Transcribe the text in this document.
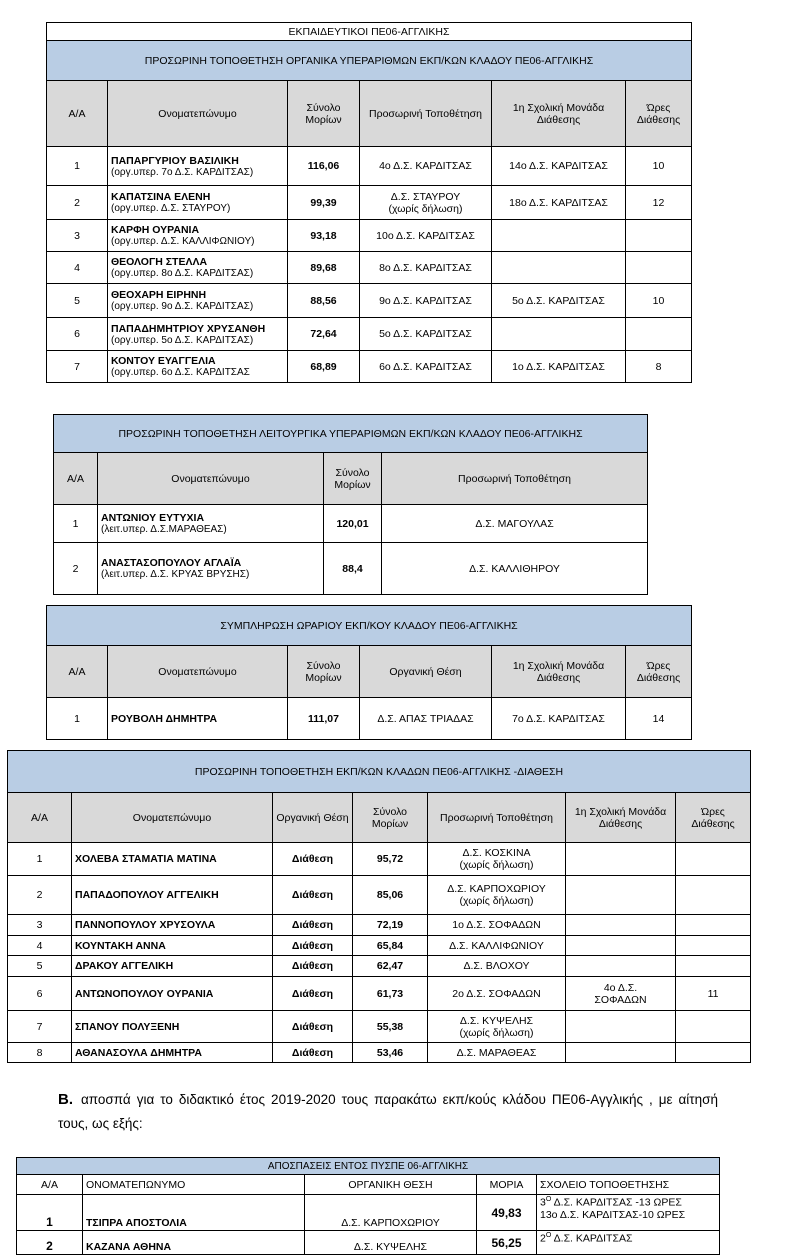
ΕΚΠΑΙΔΕΥΤΙΚΟΙ ΠΕ06-ΑΓΓΛΙΚΗΣ					
ΠΡΟΣΩΡΙΝΗ ΤΟΠΟΘΕΤΗΣΗ ΟΡΓΑΝΙΚΑ ΥΠΕΡΑΡΙΘΜΩΝ ΕΚΠ/ΚΩΝ ΚΛΑΔΟΥ ΠΕ06-ΑΓΓΛΙΚΗΣ					
Α/Α	Ονοματεπώνυμο	Σύνολο Μορίων	Προσωρινή Τοποθέτηση	1η Σχολική Μονάδα Διάθεσης	Ώρες Διάθεσης
1	ΠΑΠΑΡΓΥΡΙΟΥ ΒΑΣΙΛΙΚΗ
(οργ.υπερ. 7ο Δ.Σ. ΚΑΡΔΙΤΣΑΣ)	116,06	4ο Δ.Σ. ΚΑΡΔΙΤΣΑΣ	14ο Δ.Σ. ΚΑΡΔΙΤΣΑΣ	10
2	ΚΑΠΑΤΣΙΝΑ ΕΛΕΝΗ
(οργ.υπερ. Δ.Σ. ΣΤΑΥΡΟΥ)	99,39	Δ.Σ. ΣΤΑΥΡΟΥ
(χωρίς δήλωση)	18ο Δ.Σ. ΚΑΡΔΙΤΣΑΣ	12
3	ΚΑΡΦΗ ΟΥΡΑΝΙΑ
(οργ.υπερ. Δ.Σ. ΚΑΛΛΙΦΩΝΙΟΥ)	93,18	10ο Δ.Σ. ΚΑΡΔΙΤΣΑΣ		

4	ΘΕΟΛΟΓΗ ΣΤΕΛΛΑ
(οργ.υπερ. 8ο Δ.Σ. ΚΑΡΔΙΤΣΑΣ)	89,68	8ο Δ.Σ. ΚΑΡΔΙΤΣΑΣ		

5	ΘΕΟΧΑΡΗ ΕΙΡΗΝΗ
(οργ.υπερ. 9ο Δ.Σ. ΚΑΡΔΙΤΣΑΣ)	88,56	9ο Δ.Σ. ΚΑΡΔΙΤΣΑΣ	5ο Δ.Σ. ΚΑΡΔΙΤΣΑΣ	10
6	ΠΑΠΑΔΗΜΗΤΡΙΟΥ ΧΡΥΣΑΝΘΗ
(οργ.υπερ. 5ο Δ.Σ. ΚΑΡΔΙΤΣΑΣ)	72,64	5ο Δ.Σ. ΚΑΡΔΙΤΣΑΣ		

7	ΚΟΝΤΟΥ ΕΥΑΓΓΕΛΙΑ
(οργ.υπερ. 6ο Δ.Σ. ΚΑΡΔΙΤΣΑΣ	68,89	6ο Δ.Σ. ΚΑΡΔΙΤΣΑΣ	1ο Δ.Σ. ΚΑΡΔΙΤΣΑΣ	8
ΠΡΟΣΩΡΙΝΗ ΤΟΠΟΘΕΤΗΣΗ ΛΕΙΤΟΥΡΓΙΚΑ ΥΠΕΡΑΡΙΘΜΩΝ ΕΚΠ/ΚΩΝ ΚΛΑΔΟΥ ΠΕ06-ΑΓΓΛΙΚΗΣ			
Α/Α	Ονοματεπώνυμο	Σύνολο Μορίων	Προσωρινή Τοποθέτηση
1	ΑΝΤΩΝΙΟΥ ΕΥΤΥΧΙΑ
(λειτ.υπερ. Δ.Σ.ΜΑΡΑΘΕΑΣ)	120,01	Δ.Σ. ΜΑΓΟΥΛΑΣ
2	ΑΝΑΣΤΑΣΟΠΟΥΛΟΥ ΑΓΛΑΪΑ
(λειτ.υπερ. Δ.Σ. ΚΡΥΑΣ ΒΡΥΣΗΣ)	88,4	Δ.Σ. ΚΑΛΛΙΘΗΡΟΥ
ΣΥΜΠΛΗΡΩΣΗ ΩΡΑΡΙΟΥ ΕΚΠ/ΚΟΥ ΚΛΑΔΟΥ ΠΕ06-ΑΓΓΛΙΚΗΣ					
Α/Α	Ονοματεπώνυμο	Σύνολο Μορίων	Οργανική Θέση	1η Σχολική Μονάδα Διάθεσης	Ώρες Διάθεσης
1	ΡΟΥΒΟΛΗ ΔΗΜΗΤΡΑ	111,07	Δ.Σ. ΑΠΑΣ ΤΡΙΑΔΑΣ	7ο Δ.Σ. ΚΑΡΔΙΤΣΑΣ	14
ΠΡΟΣΩΡΙΝΗ ΤΟΠΟΘΕΤΗΣΗ ΕΚΠ/ΚΩΝ ΚΛΑΔΩΝ ΠΕ06-ΑΓΓΛΙΚΗΣ -ΔΙΑΘΕΣΗ						
Α/Α	Ονοματεπώνυμο	Οργανική Θέση	Σύνολο Μορίων	Προσωρινή Τοποθέτηση	1η Σχολική Μονάδα Διάθεσης	Ώρες Διάθεσης
1	ΧΟΛΕΒΑ ΣΤΑΜΑΤΙΑ ΜΑΤΙΝΑ	Διάθεση	95,72	Δ.Σ. ΚΟΣΚΙΝΑ
(χωρίς δήλωση)		

2	ΠΑΠΑΔΟΠΟΥΛΟΥ ΑΓΓΕΛΙΚΗ	Διάθεση	85,06	Δ.Σ. ΚΑΡΠΟΧΩΡΙΟΥ
(χωρίς δήλωση)		

3	ΠΑΝΝΟΠΟΥΛΟΥ ΧΡΥΣΟΥΛΑ	Διάθεση	72,19	1ο Δ.Σ. ΣΟΦΑΔΩΝ		

4	ΚΟΥΝΤΑΚΗ ΑΝΝΑ	Διάθεση	65,84	Δ.Σ. ΚΑΛΛΙΦΩΝΙΟΥ		

5	ΔΡΑΚΟΥ ΑΓΓΕΛΙΚΗ	Διάθεση	62,47	Δ.Σ. ΒΛΟΧΟΥ		

6	ΑΝΤΩΝΟΠΟΥΛΟΥ ΟΥΡΑΝΙΑ	Διάθεση	61,73	2ο Δ.Σ. ΣΟΦΑΔΩΝ	4ο Δ.Σ.
ΣΟΦΑΔΩΝ	11
7	ΣΠΑΝΟΥ ΠΟΛΥΞΕΝΗ	Διάθεση	55,38	Δ.Σ. ΚΥΨΕΛΗΣ
(χωρίς δήλωση)		

8	ΑΘΑΝΑΣΟΥΛΑ ΔΗΜΗΤΡΑ	Διάθεση	53,46	Δ.Σ. ΜΑΡΑΘΕΑΣ		

Β. αποσπά για το διδακτικό έτος 2019-2020 τους παρακάτω εκπ/κούς κλάδου ΠΕ06-Αγγλικής , με αίτησή τους, ως εξής:
ΑΠΟΣΠΑΣΕΙΣ ΕΝΤΟΣ ΠΥΣΠΕ 06-ΑΓΓΛΙΚΗΣ				
Α/Α	ΟΝΟΜΑΤΕΠΩΝΥΜΟ	ΟΡΓΑΝΙΚΗ ΘΕΣΗ	ΜΟΡΙΑ	ΣΧΟΛΕΙΟ ΤΟΠΟΘΕΤΗΣΗΣ
1	ΤΣΙΠΡΑ ΑΠΟΣΤΟΛΙΑ	Δ.Σ. ΚΑΡΠΟΧΩΡΙΟΥ	49,83	$3^O$ Δ.Σ. ΚΑΡΔΙΤΣΑΣ -13 ΩΡΕΣ
13ο Δ.Σ. ΚΑΡΔΙΤΣΑΣ-10 ΩΡΕΣ

2	ΚΑΖΑΝΑ ΑΘΗΝΑ	Δ.Σ. ΚΥΨΕΛΗΣ	56,25	$2^O$ Δ.Σ. ΚΑΡΔΙΤΣΑΣ
